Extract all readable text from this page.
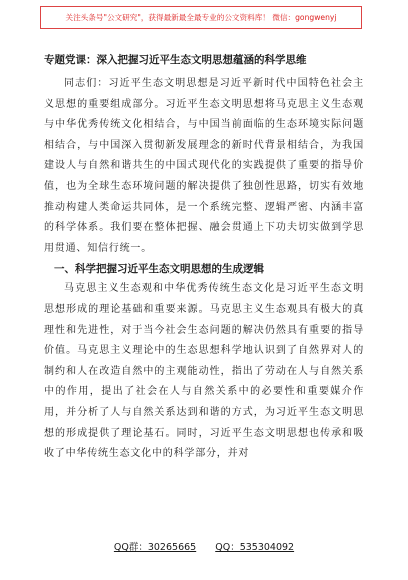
关注头条号"公文研究"，获得最新最全最专业的公文资料库！ 微信：gongwenyj

专题党课：深入把握习近平生态文明思想蕴涵的科学思维

同志们：习近平生态文明思想是习近平新时代中国特色社会主义思想的重要组成部分。习近平生态文明思想将马克思主义生态观与中华优秀传统文化相结合，与中国当前面临的生态环境实际问题相结合，与中国深入贯彻新发展理念的新时代背景相结合，为我国建设人与自然和谐共生的中国式现代化的实践提供了重要的指导价值，也为全球生态环境问题的解决提供了独创性思路，切实有效地推动构建人类命运共同体，是一个系统完整、逻辑严密、内涵丰富的科学体系。我们要在整体把握、融会贯通上下功夫切实做到学思用贯通、知信行统一。

一、科学把握习近平生态文明思想的生成逻辑

马克思主义生态观和中华优秀传统生态文化是习近平生态文明思想形成的理论基础和重要来源。马克思主义生态观具有极大的真理性和先进性，对于当今社会生态问题的解决仍然具有重要的指导价值。马克思主义理论中的生态思想科学地认识到了自然界对人的制约和人在改造自然中的主观能动性，指出了劳动在人与自然关系中的作用，提出了社会在人与自然关系中的必要性和重要媒介作用，并分析了人与自然关系达到和谐的方式，为习近平生态文明思想的形成提供了理论基石。同时，习近平生态文明思想也传承和吸收了中华传统生态文化中的科学部分，并对

QQ群：30265665 QQ：535304092
